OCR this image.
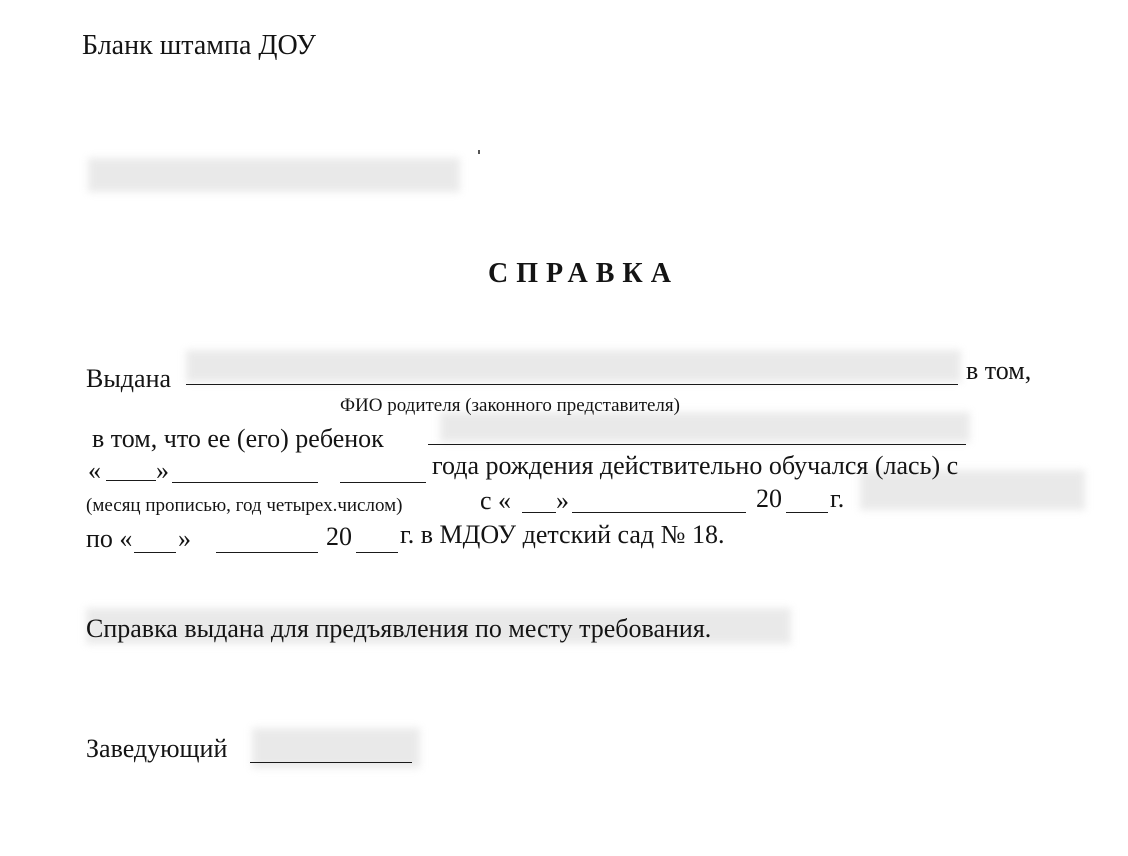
Бланк штампа ДОУ
СПРАВКА
Выдана	в том,
ФИО родителя (законного представителя)
в том, что ее (его) ребенок
« »	года рождения действительно обучался (лась) с
(месяц прописью, год четырех.числом)	с « »	20 г.
по « »	20 г. в МДОУ детский сад № 18.
Справка выдана для предъявления по месту требования.
Заведующий
